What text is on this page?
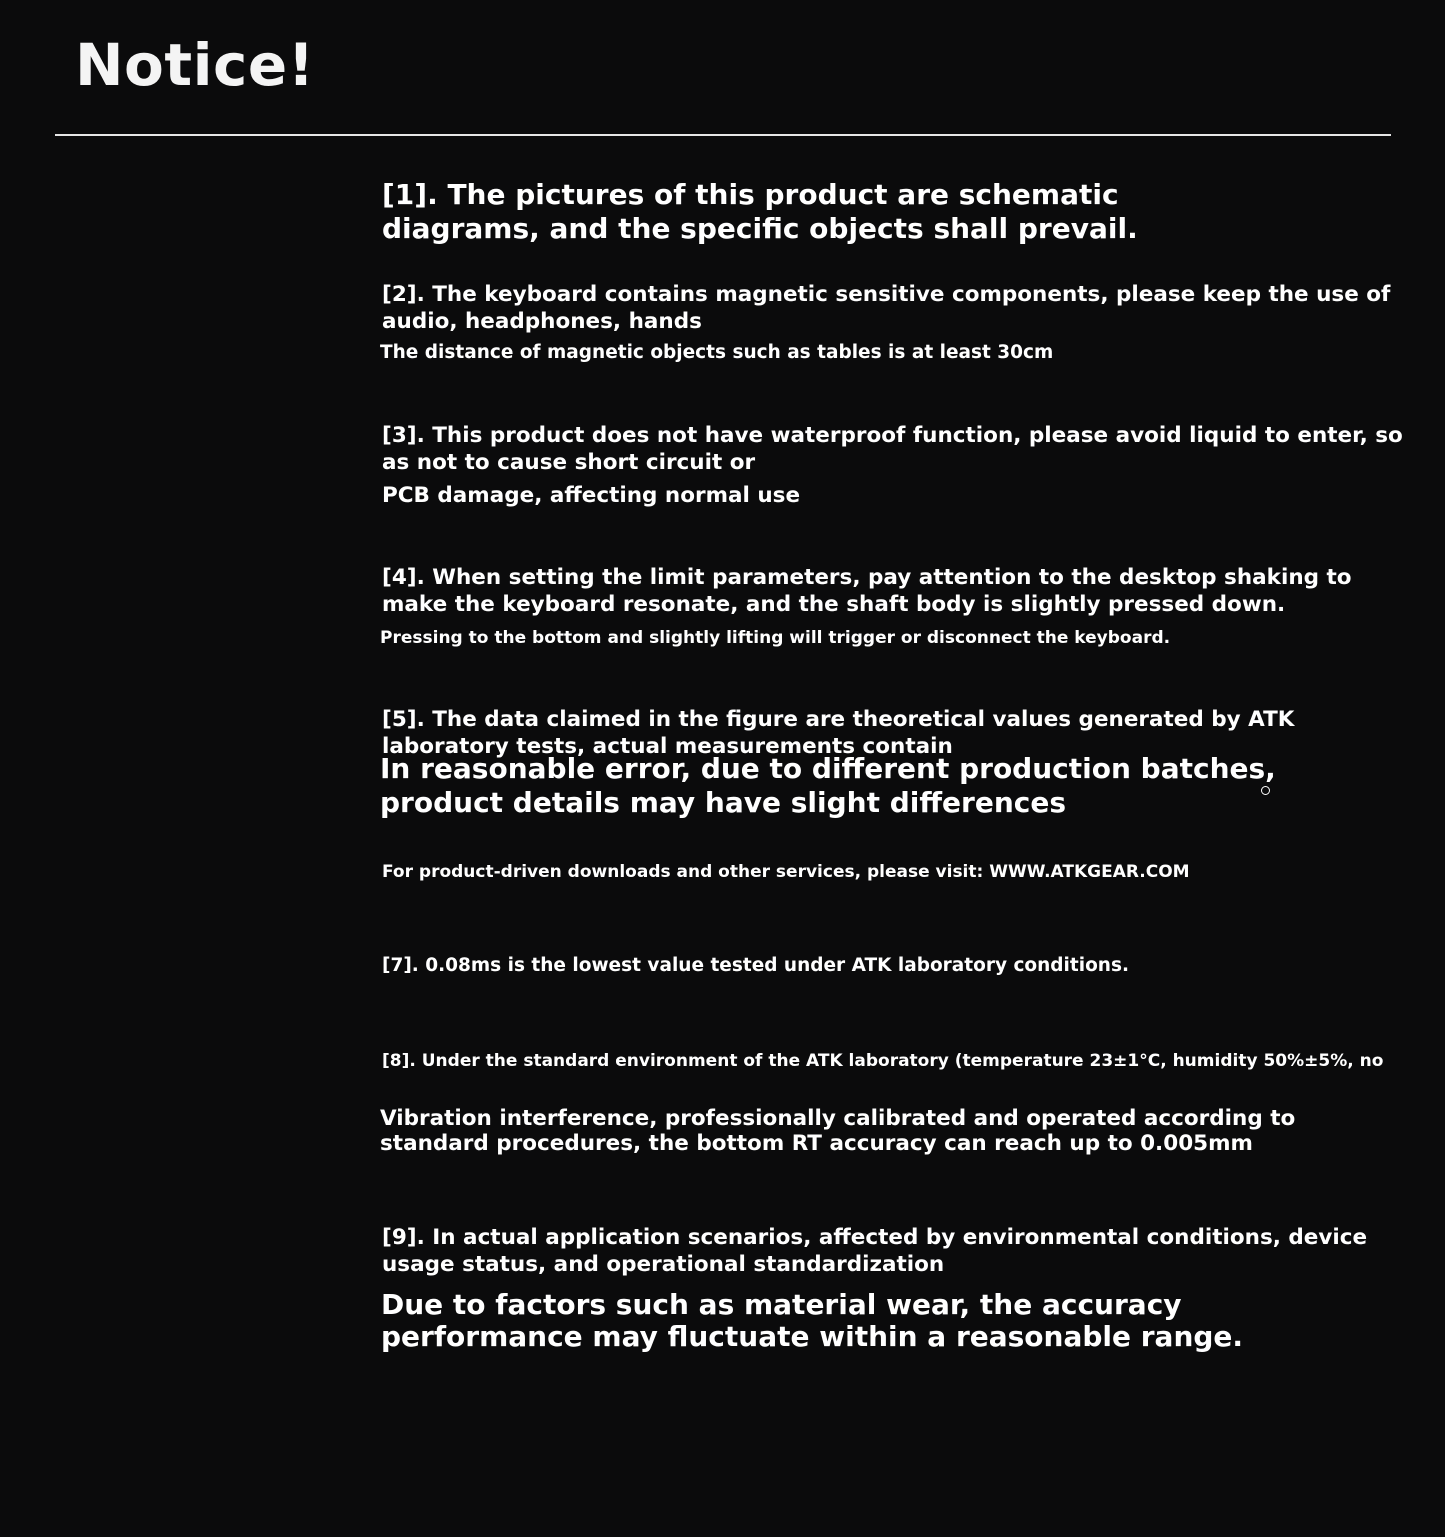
Notice!
[1]. The pictures of this product are schematic
diagrams, and the specific objects shall prevail.
[2]. The keyboard contains magnetic sensitive components, please keep the use of
audio, headphones, hands
The distance of magnetic objects such as tables is at least 30cm
[3]. This product does not have waterproof function, please avoid liquid to enter, so
as not to cause short circuit or
PCB damage, affecting normal use
[4]. When setting the limit parameters, pay attention to the desktop shaking to
make the keyboard resonate, and the shaft body is slightly pressed down.
Pressing to the bottom and slightly lifting will trigger or disconnect the keyboard.
[5]. The data claimed in the figure are theoretical values generated by ATK
laboratory tests, actual measurements contain
In reasonable error, due to different production batches,
product details may have slight differences
For product-driven downloads and other services, please visit: WWW.ATKGEAR.COM
[7]. 0.08ms is the lowest value tested under ATK laboratory conditions.
[8]. Under the standard environment of the ATK laboratory (temperature 23±1°C, humidity 50%±5%, no
Vibration interference, professionally calibrated and operated according to
standard procedures, the bottom RT accuracy can reach up to 0.005mm
[9]. In actual application scenarios, affected by environmental conditions, device
usage status, and operational standardization
Due to factors such as material wear, the accuracy
performance may fluctuate within a reasonable range.
